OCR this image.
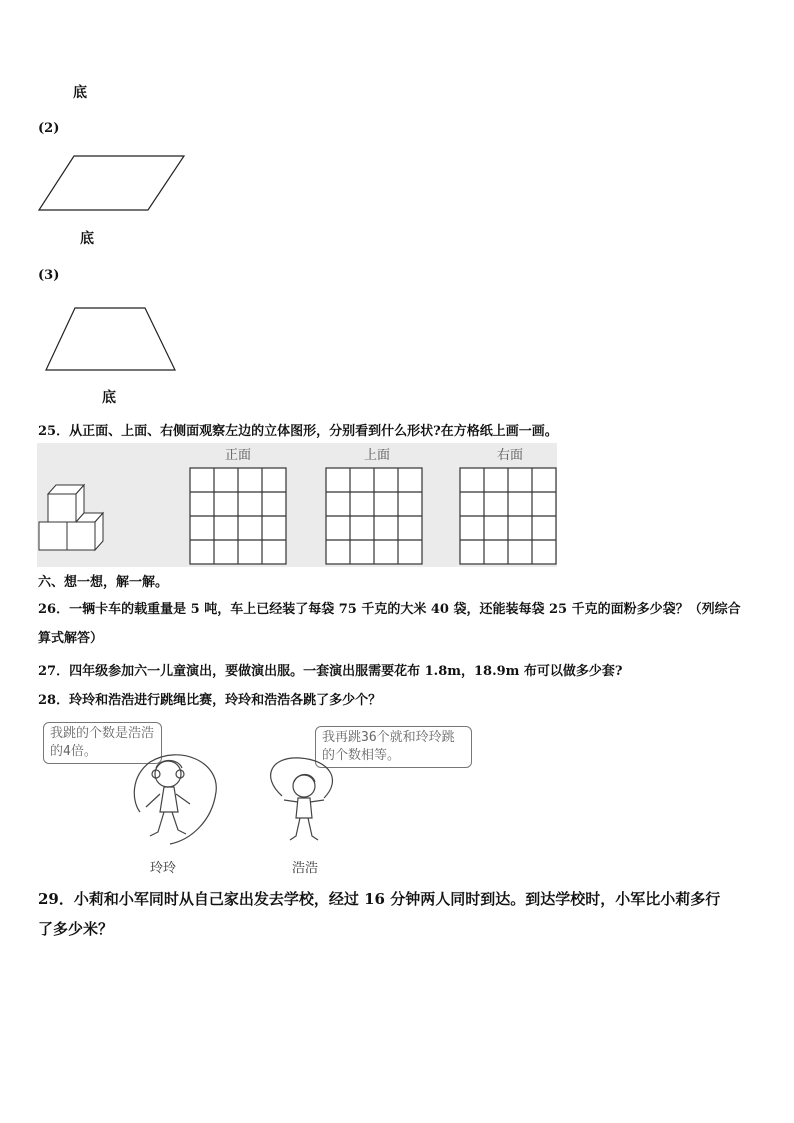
底
(2)
底
(3)
底
25．从正面、上面、右侧面观察左边的立体图形，分别看到什么形状?在方格纸上画一画。
正面	上面	右面
六、想一想，解一解。
26．一辆卡车的载重量是 5 吨，车上已经装了每袋 75 千克的大米 40 袋，还能装每袋 25 千克的面粉多少袋？（列综合
算式解答）
27．四年级参加六一儿童演出，要做演出服。一套演出服需要花布 1.8m，18.9m 布可以做多少套?
28．玲玲和浩浩进行跳绳比赛，玲玲和浩浩各跳了多少个？
我跳的个数是浩浩的4倍。
我再跳36个就和玲玲跳的个数相等。
玲玲	浩浩
29．小莉和小军同时从自己家出发去学校，经过 16 分钟两人同时到达。到达学校时，小军比小莉多行
了多少米？
